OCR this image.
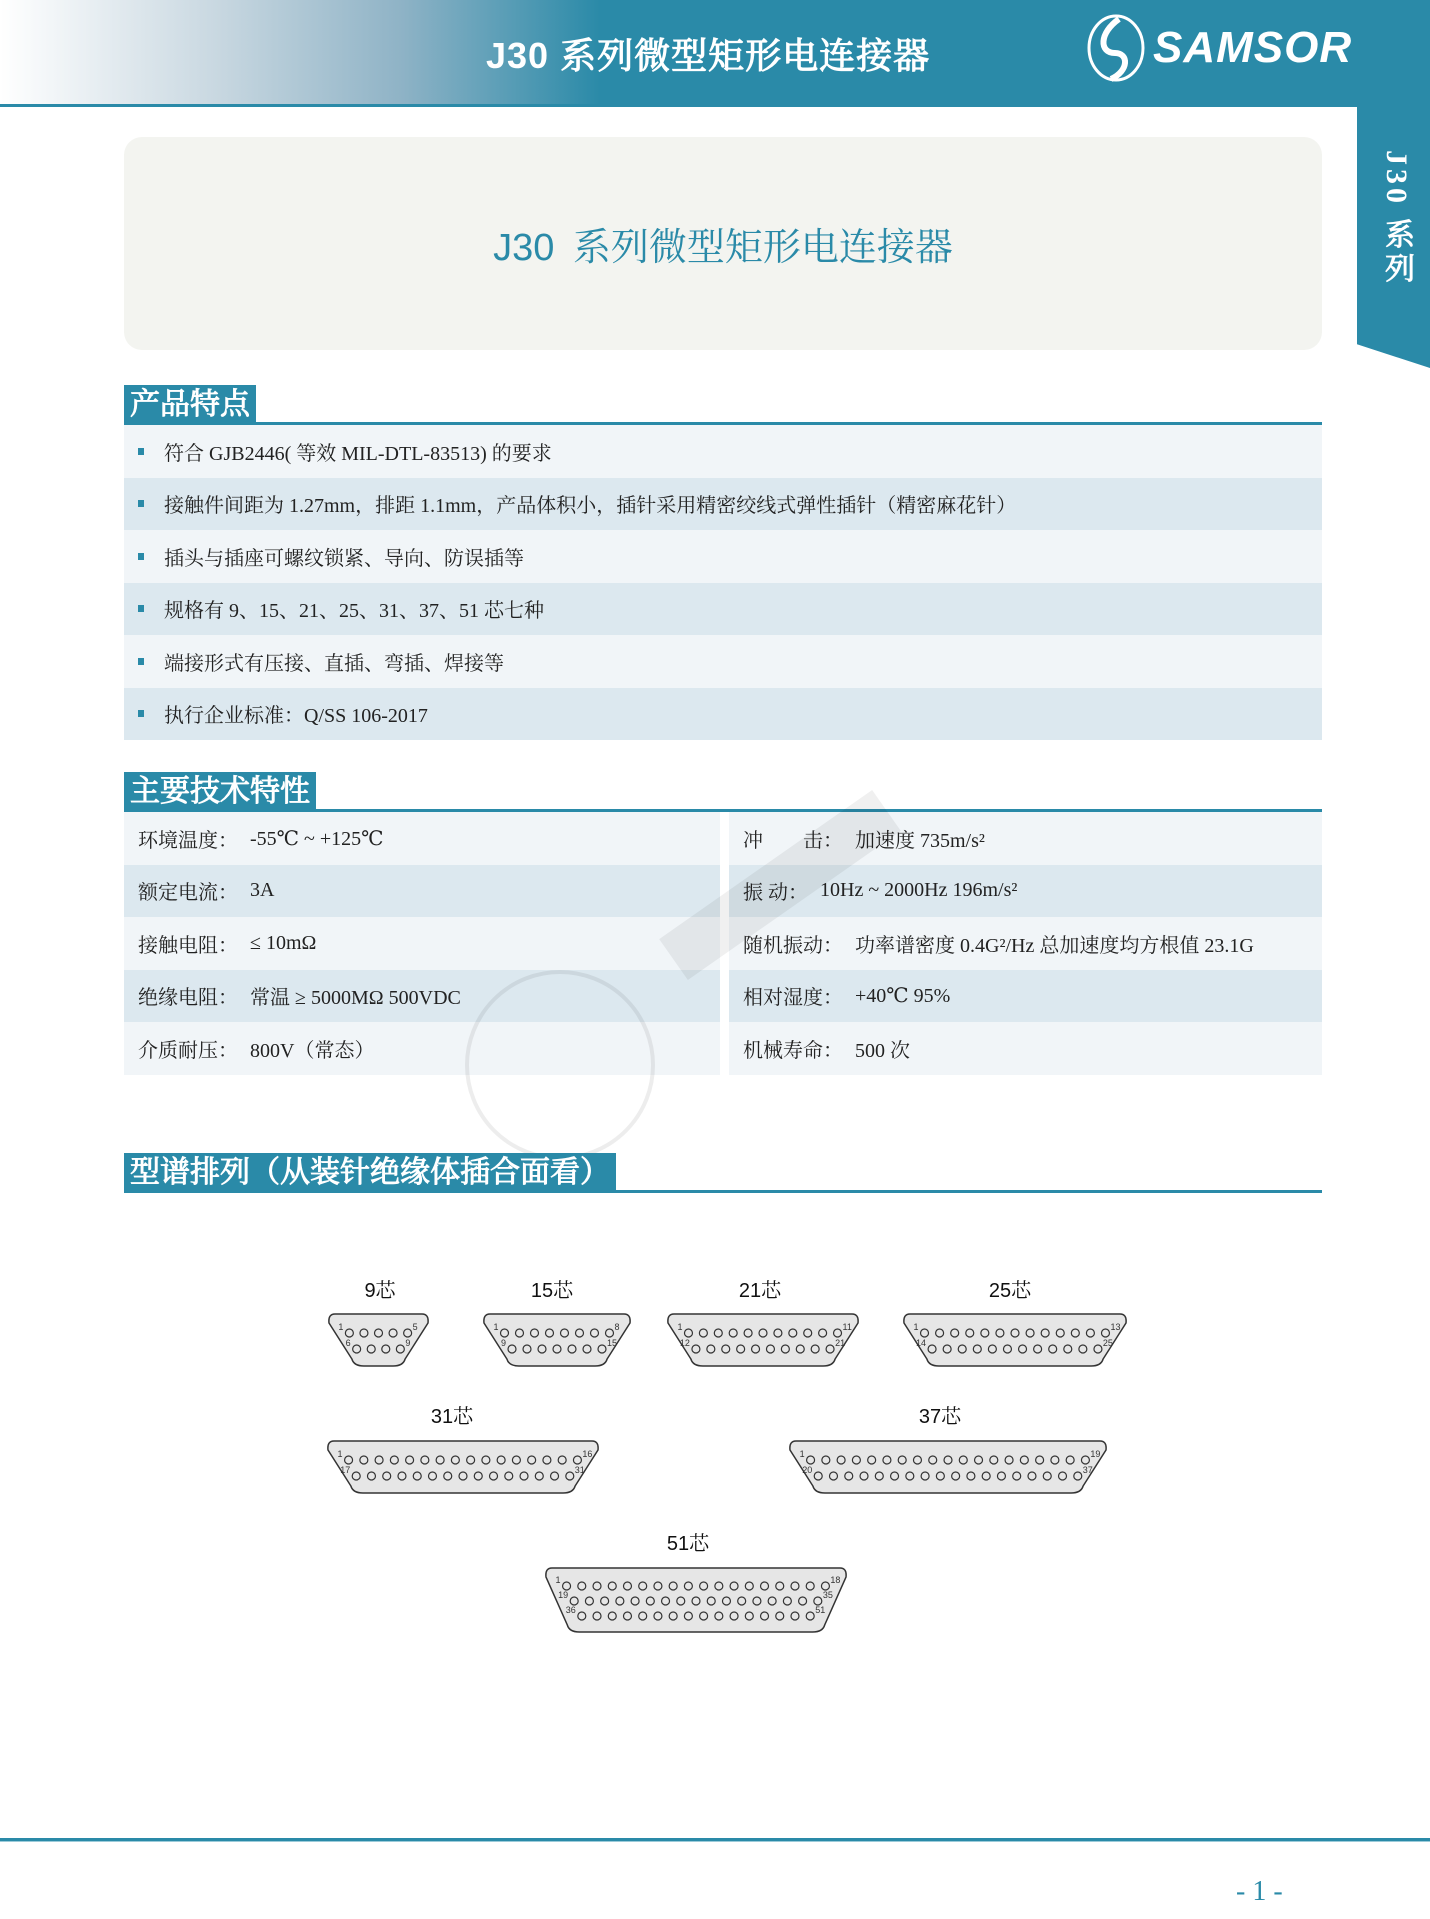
J30 系列微型矩形电连接器	SAMSOR
J30 系列
J30 系列微型矩形电连接器
产品特点
符合 GJB2446( 等效 MIL-DTL-83513) 的要求
接触件间距为 1.27mm，排距 1.1mm，产品体积小，插针采用精密绞线式弹性插针（精密麻花针）
插头与插座可螺纹锁紧、导向、防误插等
规格有 9、15、21、25、31、37、51 芯七种
端接形式有压接、直插、弯插、焊接等
执行企业标准：Q/SS 106-2017
主要技术特性
环境温度： -55℃ ~ +125℃	冲　　击： 加速度 735m/s²
额定电流： 3A	振 动： 10Hz ~ 2000Hz 196m/s²
接触电阻： ≤ 10mΩ	随机振动： 功率谱密度 0.4G²/Hz 总加速度均方根值 23.1G
绝缘电阻： 常温 ≥ 5000MΩ 500VDC	相对湿度： +40℃ 95%
介质耐压： 800V（常态）	机械寿命： 500 次
型谱排列（从装针绝缘体插合面看）
9芯
1	5
6	9
15芯
1	8
9	15
21芯
1	11
12	21
25芯
1	13
14	25
31芯
1	16
17	31
37芯
1	19
20	37
51芯
1	18
19	35
36	51
- 1 -
